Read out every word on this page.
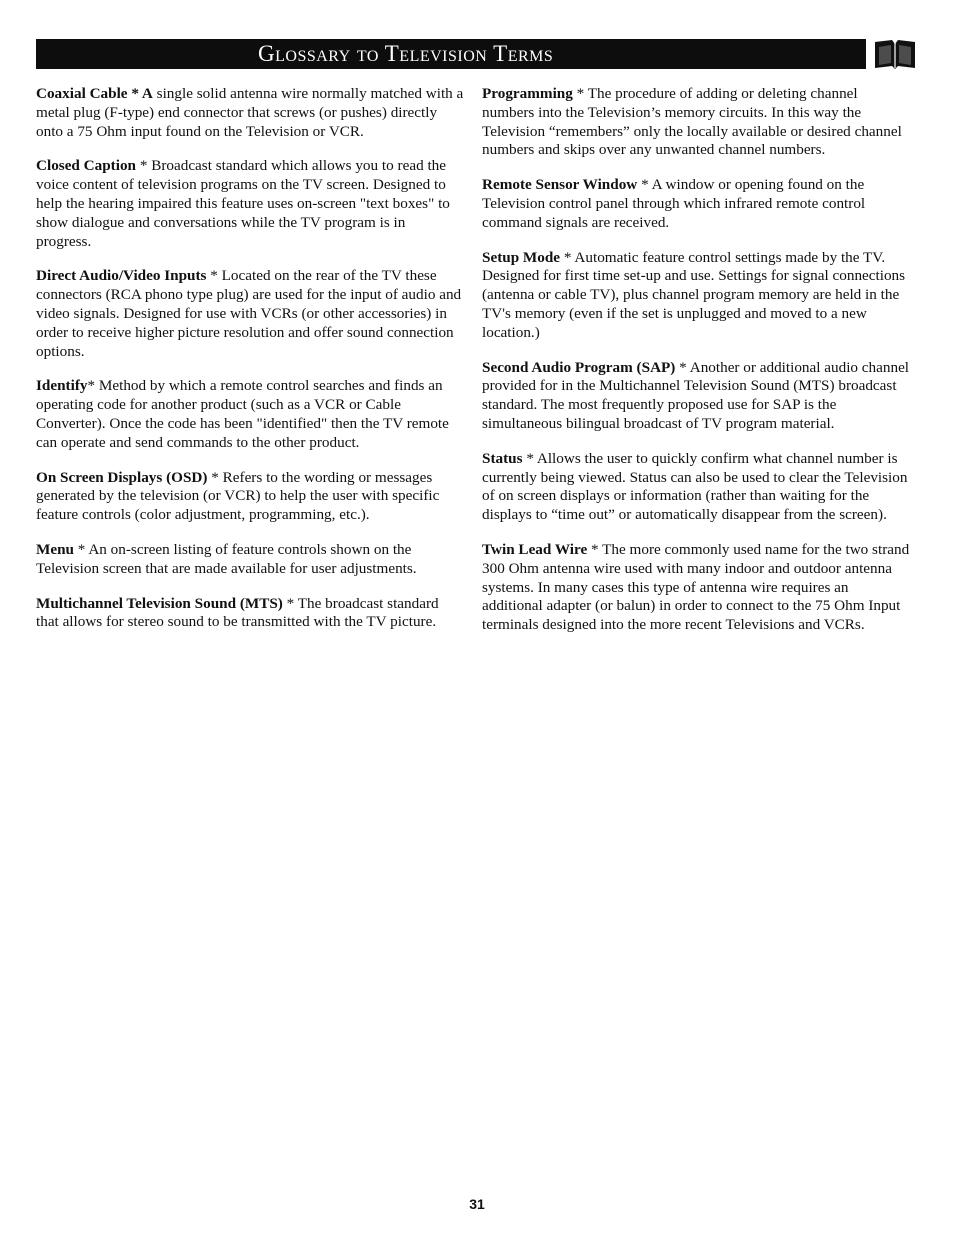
Glossary to Television Terms

Coaxial Cable * A single solid antenna wire normally matched with a metal plug (F-type) end connector that screws (or pushes) directly onto a 75 Ohm input found on the Television or VCR.

Closed Caption * Broadcast standard which allows you to read the voice content of television programs on the TV screen. Designed to help the hearing impaired this feature uses on-screen "text boxes" to show dialogue and conversations while the TV program is in progress.

Direct Audio/Video Inputs * Located on the rear of the TV these connectors (RCA phono type plug) are used for the input of audio and video signals. Designed for use with VCRs (or other accessories) in order to receive higher picture resolution and offer sound connection options.

Identify* Method by which a remote control searches and finds an operating code for another product (such as a VCR or Cable Converter). Once the code has been "identified" then the TV remote can operate and send commands to the other product.

On Screen Displays (OSD) * Refers to the wording or messages generated by the television (or VCR) to help the user with specific feature controls (color adjustment, programming, etc.).

Menu * An on-screen listing of feature controls shown on the Television screen that are made available for user adjustments.

Multichannel Television Sound (MTS) * The broadcast standard that allows for stereo sound to be transmitted with the TV picture.

Programming * The procedure of adding or deleting channel numbers into the Television’s memory circuits. In this way the Television “remembers” only the locally available or desired channel numbers and skips over any unwanted channel numbers.

Remote Sensor Window * A window or opening found on the Television control panel through which infrared remote control command signals are received.

Setup Mode * Automatic feature control settings made by the TV. Designed for first time set-up and use. Settings for signal connections (antenna or cable TV), plus channel program memory are held in the TV's memory (even if the set is unplugged and moved to a new location.)

Second Audio Program (SAP) * Another or additional audio channel provided for in the Multichannel Television Sound (MTS) broadcast standard. The most frequently proposed use for SAP is the simultaneous bilingual broadcast of TV program material.

Status * Allows the user to quickly confirm what channel number is currently being viewed. Status can also be used to clear the Television of on screen displays or information (rather than waiting for the displays to “time out” or automatically disappear from the screen).

Twin Lead Wire * The more commonly used name for the two strand 300 Ohm antenna wire used with many indoor and outdoor antenna systems. In many cases this type of antenna wire requires an additional adapter (or balun) in order to connect to the 75 Ohm Input terminals designed into the more recent Televisions and VCRs.

31
